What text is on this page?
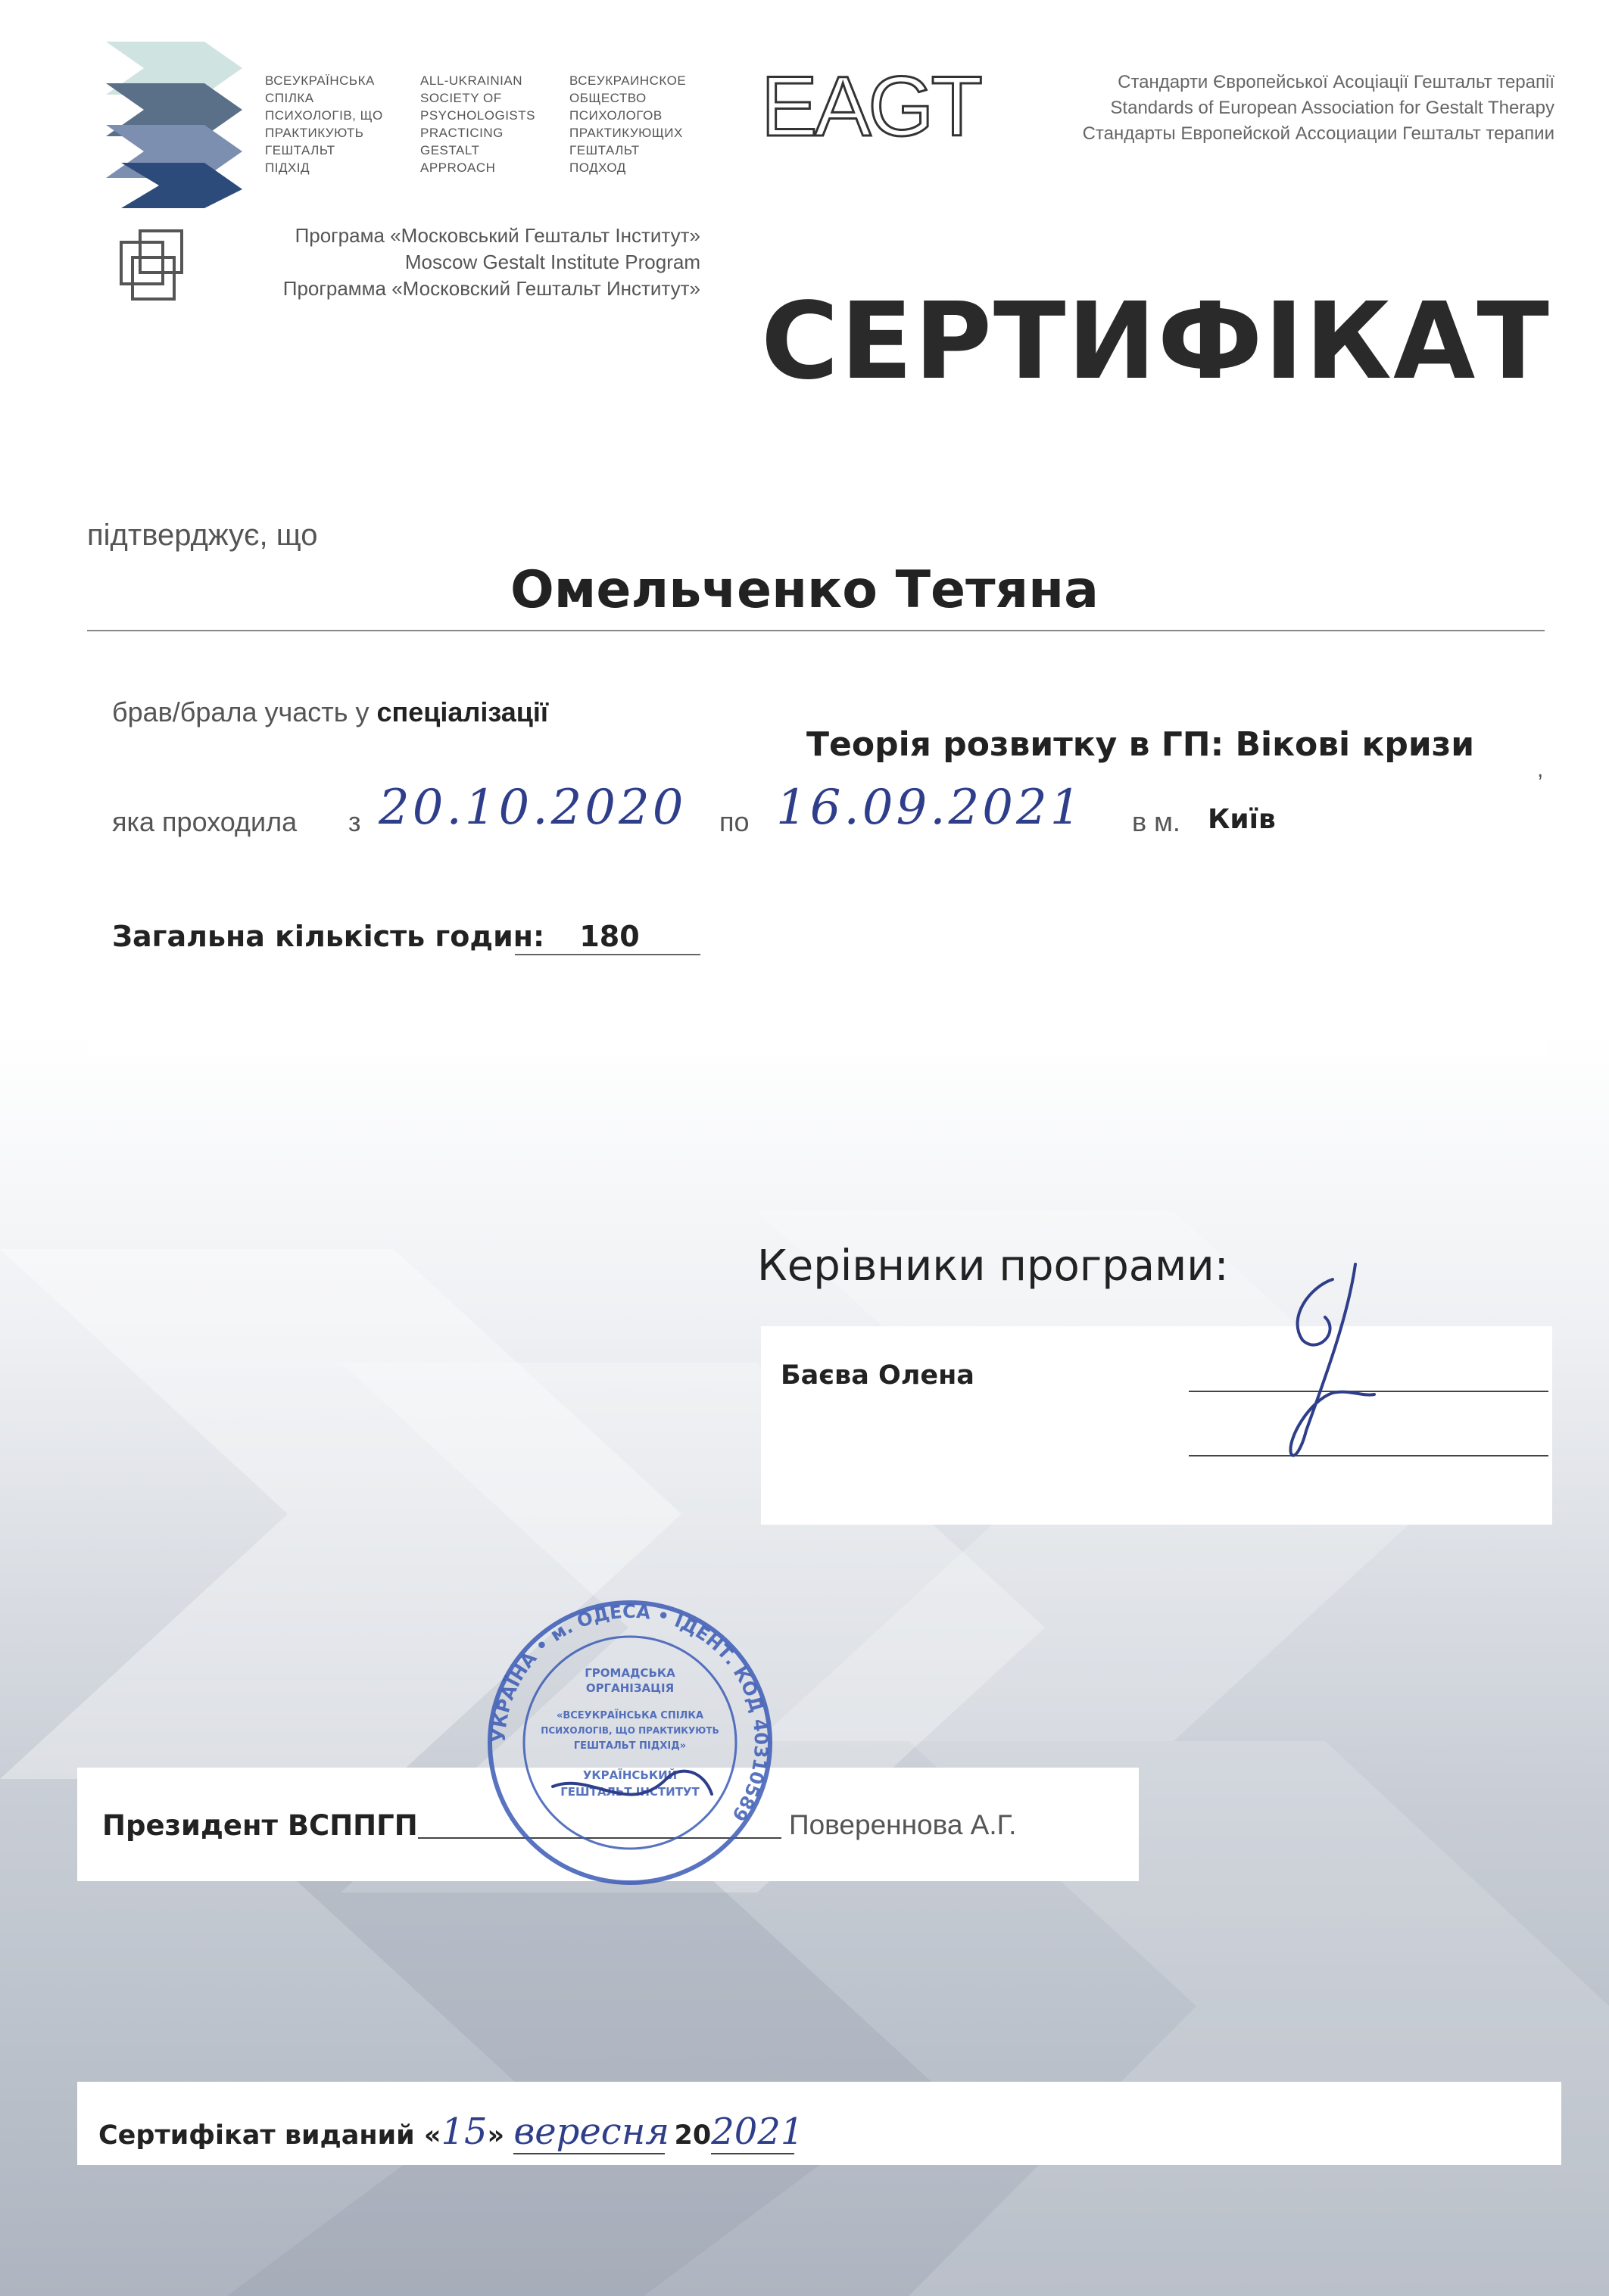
ВСЕУКРАЇНСЬКА
СПІЛКА
ПСИХОЛОГІВ, ЩО
ПРАКТИКУЮТЬ
ГЕШТАЛЬТ
ПІДХІД
ALL-UKRAINIAN
SOCIETY OF
PSYCHOLOGISTS
PRACTICING
GESTALT
APPROACH
ВСЕУКРАИНСКОЕ
ОБЩЕСТВО
ПСИХОЛОГОВ
ПРАКТИКУЮЩИХ
ГЕШТАЛЬТ
ПОДХОД
EAGT	Стандарти Європейської Асоціації Гештальт терапії
Standards of European Association for Gestalt Therapy
Стандарты Европейской Ассоциации Гештальт терапии
Програма «Московський Гештальт Інститут»
Moscow Gestalt Institute Program
Программа «Московский Гештальт Институт» СЕРТИФІКАТ
підтверджує, що
Омельченко Тетяна
брав/брала участь у спеціалізації
Теорія розвитку в ГП: Вікові кризи
,
яка проходила з 20.10.2020 по 16.09.2021 в м. Київ
Загальна кількість годин:	180
Керівники програми:
Баєва Олена
Президент ВСППГП	Повереннова А.Г.
УКРАЇНА • м. ОДЕСА • ІДЕНТ. КОД 40310589
ГРОМАДСЬКА
ОРГАНІЗАЦІЯ
«ВСЕУКРАЇНСЬКА СПІЛКА
ПСИХОЛОГІВ, ЩО ПРАКТИКУЮТЬ
ГЕШТАЛЬТ ПІДХІД»
УКРАЇНСЬКИЙ
ГЕШТАЛЬТ ІНСТИТУТ
Сертифікат виданий «15» вересня 202021
